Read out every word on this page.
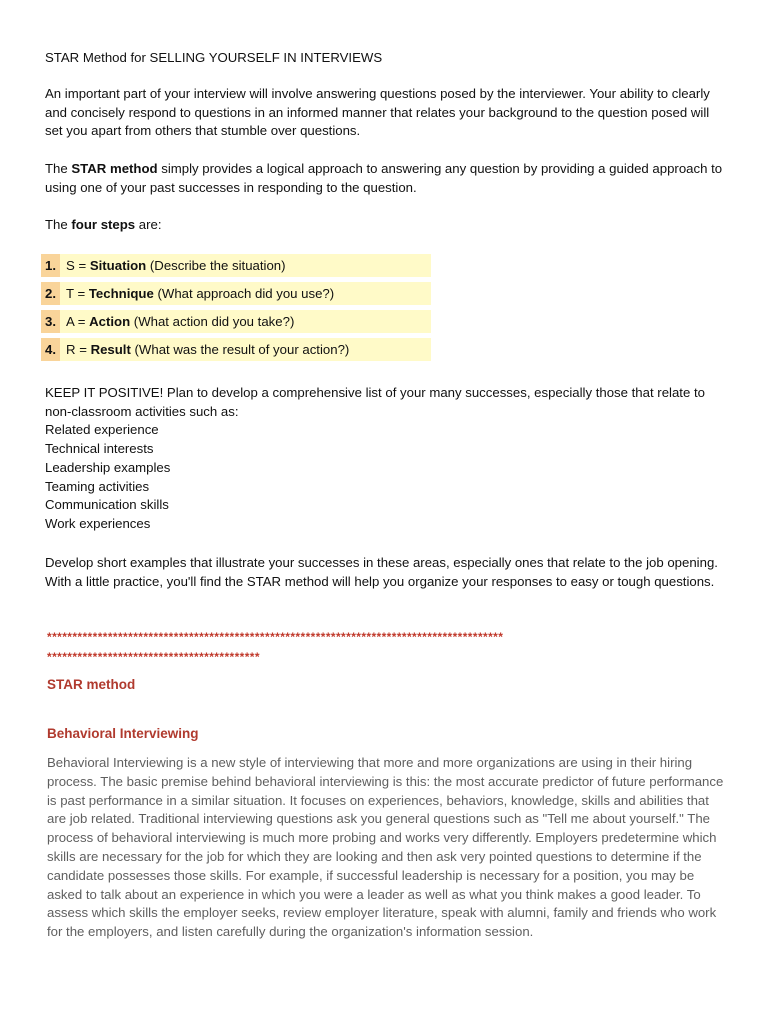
STAR Method for SELLING YOURSELF IN INTERVIEWS

An important part of your interview will involve answering questions posed by the interviewer. Your ability to clearly and concisely respond to questions in an informed manner that relates your background to the question posed will set you apart from others that stumble over questions.

The STAR method simply provides a logical approach to answering any question by providing a guided approach to using one of your past successes in responding to the question.

The four steps are:

1. S = Situation (Describe the situation)
2. T = Technique (What approach did you use?)
3. A = Action (What action did you take?)
4. R = Result (What was the result of your action?)
KEEP IT POSITIVE! Plan to develop a comprehensive list of your many successes, especially those that relate to non-classroom activities such as:
Related experience
Technical interests
Leadership examples
Teaming activities
Communication skills
Work experiences

Develop short examples that illustrate your successes in these areas, especially ones that relate to the job opening. With a little practice, you'll find the STAR method will help you organize your responses to easy or tough questions.

******************************************************************************************
******************************************
STAR method
Behavioral Interviewing

Behavioral Interviewing is a new style of interviewing that more and more organizations are using in their hiring process. The basic premise behind behavioral interviewing is this: the most accurate predictor of future performance is past performance in a similar situation. It focuses on experiences, behaviors, knowledge, skills and abilities that are job related. Traditional interviewing questions ask you general questions such as "Tell me about yourself." The process of behavioral interviewing is much more probing and works very differently. Employers predetermine which skills are necessary for the job for which they are looking and then ask very pointed questions to determine if the candidate possesses those skills. For example, if successful leadership is necessary for a position, you may be asked to talk about an experience in which you were a leader as well as what you think makes a good leader. To assess which skills the employer seeks, review employer literature, speak with alumni, family and friends who work for the employers, and listen carefully during the organization's information session.
